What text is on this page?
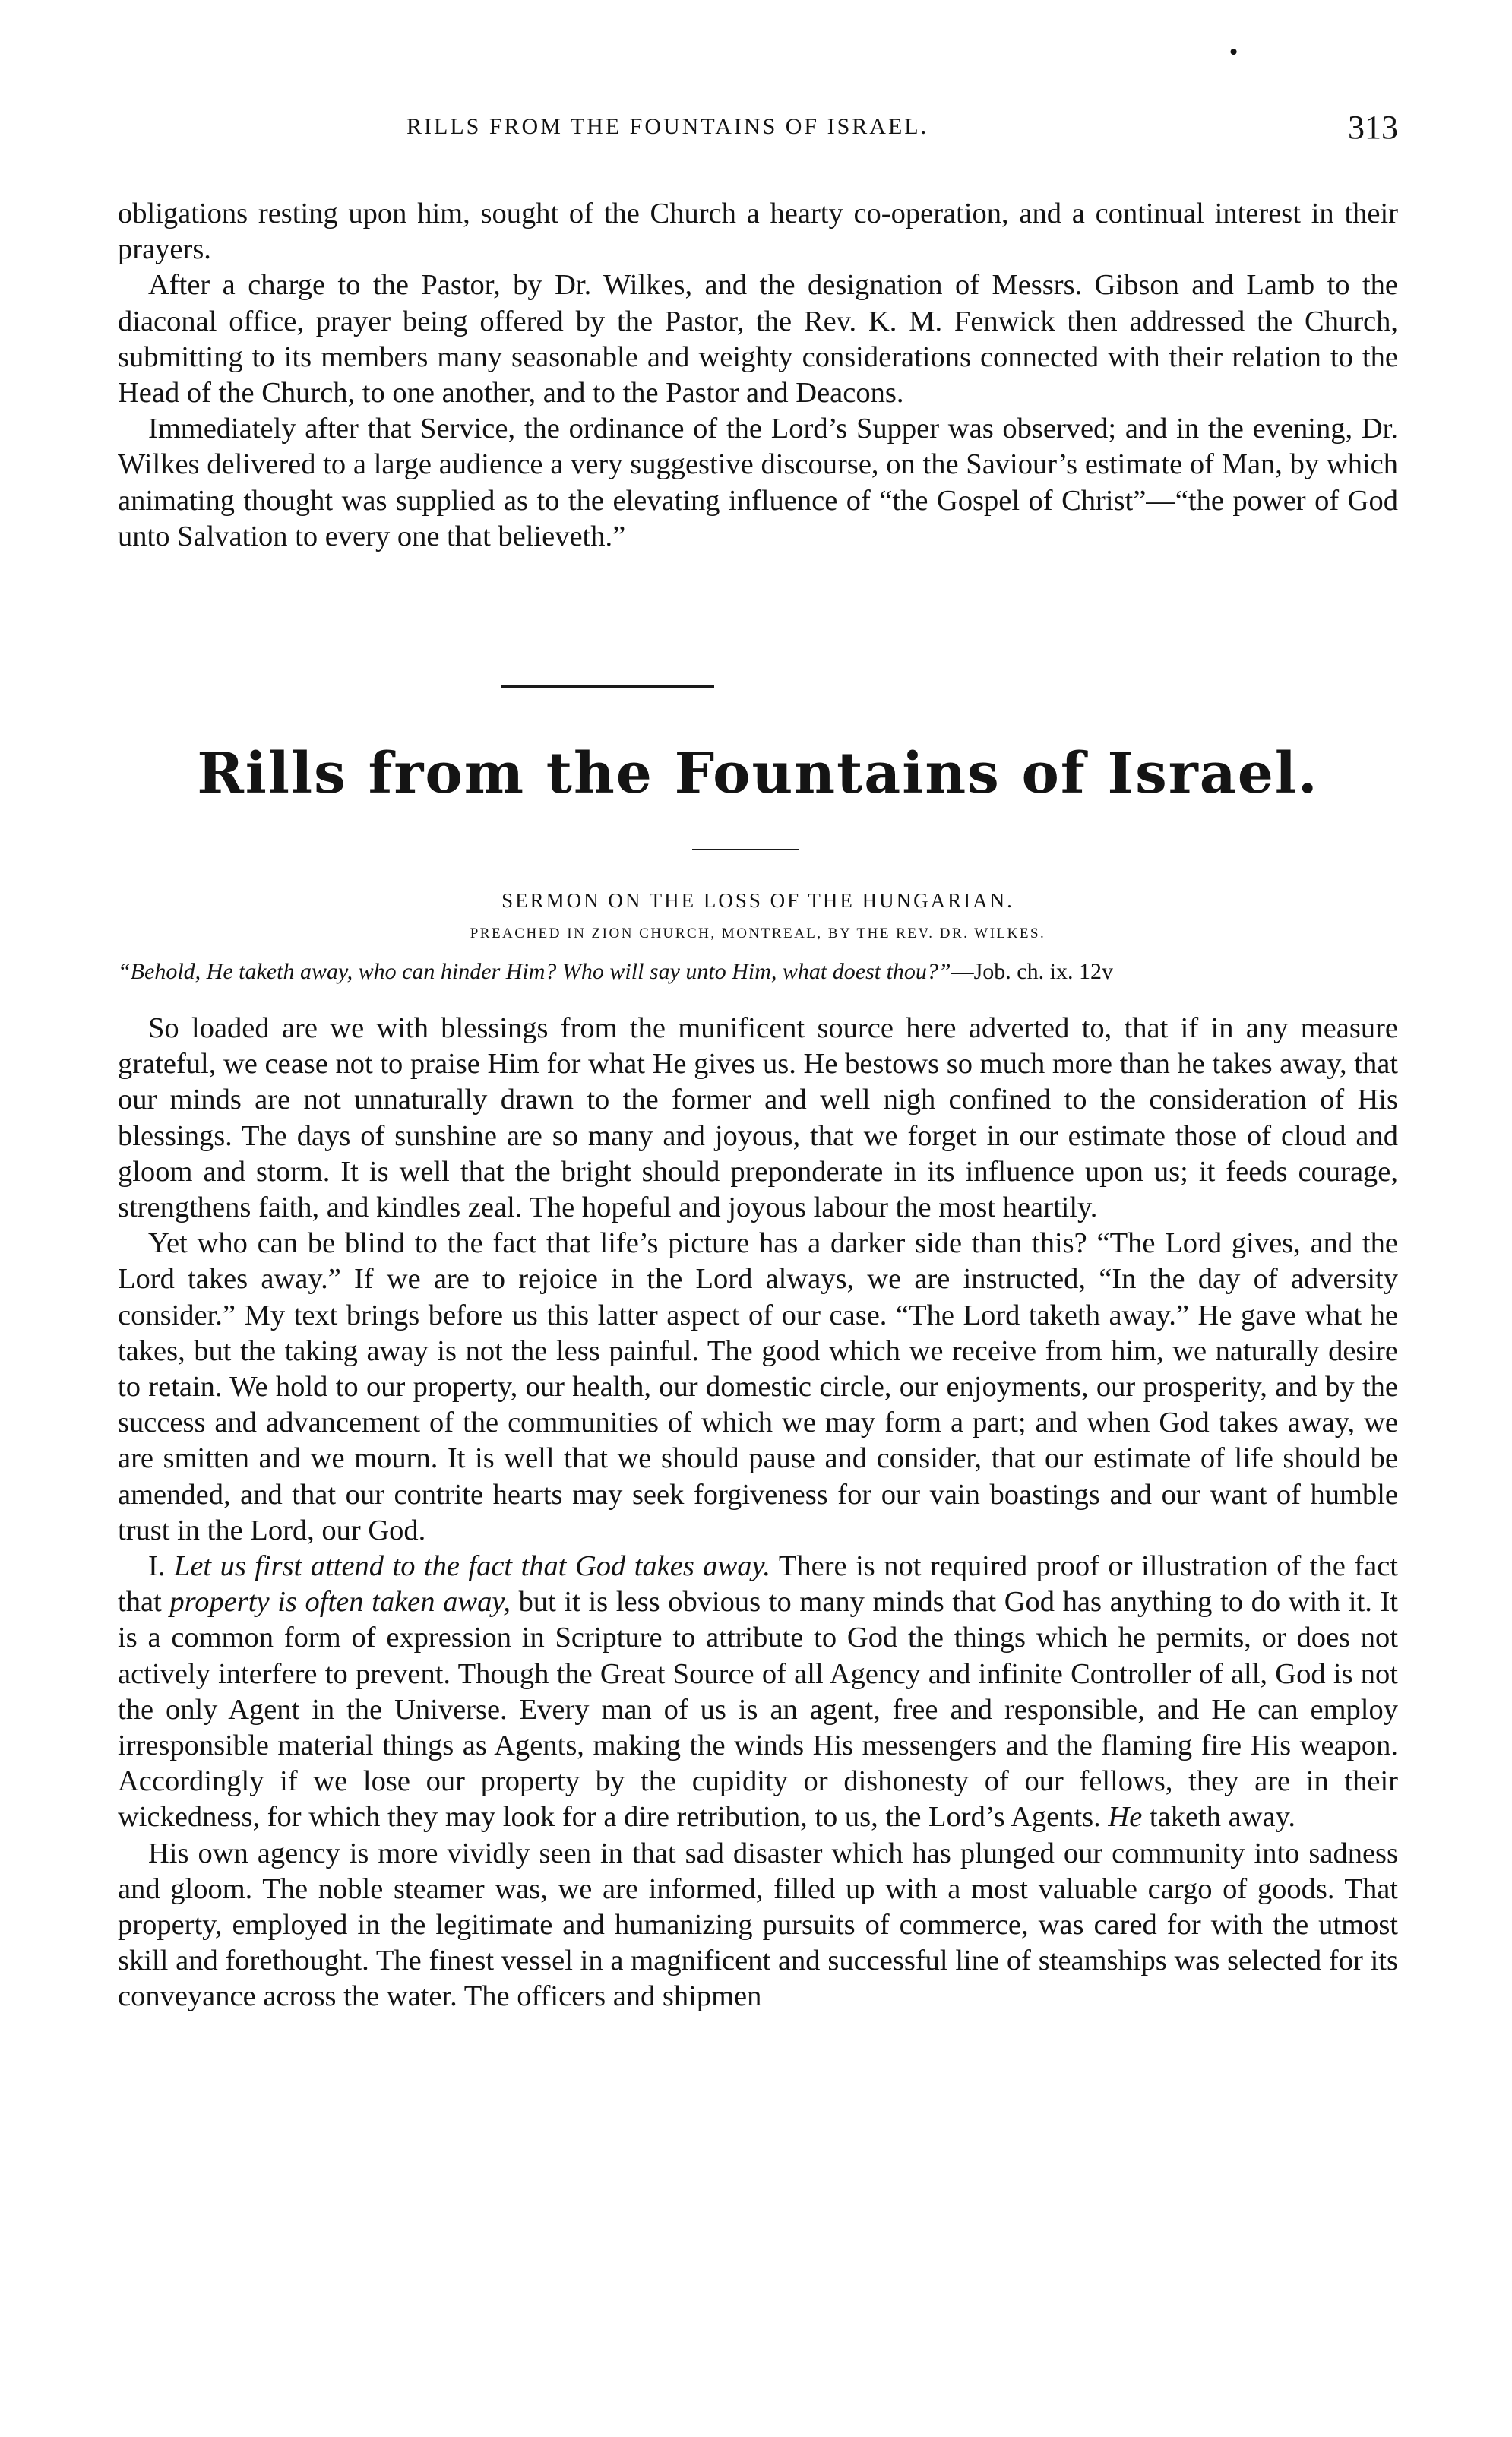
•
RILLS FROM THE FOUNTAINS OF ISRAEL.	313

obligations resting upon him, sought of the Church a hearty co-operation, and a continual interest in their prayers.

After a charge to the Pastor, by Dr. Wilkes, and the designation of Messrs. Gibson and Lamb to the diaconal office, prayer being offered by the Pastor, the Rev. K. M. Fenwick then addressed the Church, submitting to its members many seasonable and weighty considerations connected with their relation to the Head of the Church, to one another, and to the Pastor and Deacons.

Immediately after that Service, the ordinance of the Lord’s Supper was observed; and in the evening, Dr. Wilkes delivered to a large audience a very suggestive discourse, on the Saviour’s estimate of Man, by which animating thought was supplied as to the elevating influence of “the Gospel of Christ”—“the power of God unto Salvation to every one that believeth.”

Rills from the Fountains of Israel.
SERMON ON THE LOSS OF THE HUNGARIAN.
PREACHED IN ZION CHURCH, MONTREAL, BY THE REV. DR. WILKES.
“Behold, He taketh away, who can hinder Him? Who will say unto Him, what doest thou?”—Job. ch. ix. 12v

So loaded are we with blessings from the munificent source here adverted to, that if in any measure grateful, we cease not to praise Him for what He gives us. He bestows so much more than he takes away, that our minds are not unnaturally drawn to the former and well nigh confined to the consideration of His blessings. The days of sunshine are so many and joyous, that we forget in our estimate those of cloud and gloom and storm. It is well that the bright should preponderate in its influence upon us; it feeds courage, strengthens faith, and kindles zeal. The hopeful and joyous labour the most heartily.

Yet who can be blind to the fact that life’s picture has a darker side than this? “The Lord gives, and the Lord takes away.” If we are to rejoice in the Lord always, we are instructed, “In the day of adversity consider.” My text brings before us this latter aspect of our case. “The Lord taketh away.” He gave what he takes, but the taking away is not the less painful. The good which we receive from him, we naturally desire to retain. We hold to our property, our health, our domestic circle, our enjoyments, our prosperity, and by the success and advancement of the communities of which we may form a part; and when God takes away, we are smitten and we mourn. It is well that we should pause and consider, that our estimate of life should be amended, and that our contrite hearts may seek forgiveness for our vain boastings and our want of humble trust in the Lord, our God.

I. Let us first attend to the fact that God takes away. There is not required proof or illustration of the fact that property is often taken away, but it is less obvious to many minds that God has anything to do with it. It is a common form of expression in Scripture to attribute to God the things which he permits, or does not actively interfere to prevent. Though the Great Source of all Agency and infinite Controller of all, God is not the only Agent in the Universe. Every man of us is an agent, free and responsible, and He can employ irresponsible material things as Agents, making the winds His messengers and the flaming fire His weapon. Accordingly if we lose our property by the cupidity or dishonesty of our fellows, they are in their wickedness, for which they may look for a dire retribution, to us, the Lord’s Agents. He taketh away.

His own agency is more vividly seen in that sad disaster which has plunged our community into sadness and gloom. The noble steamer was, we are informed, filled up with a most valuable cargo of goods. That property, employed in the legitimate and humanizing pursuits of commerce, was cared for with the utmost skill and forethought. The finest vessel in a magnificent and successful line of steamships was selected for its conveyance across the water. The officers and shipmen
